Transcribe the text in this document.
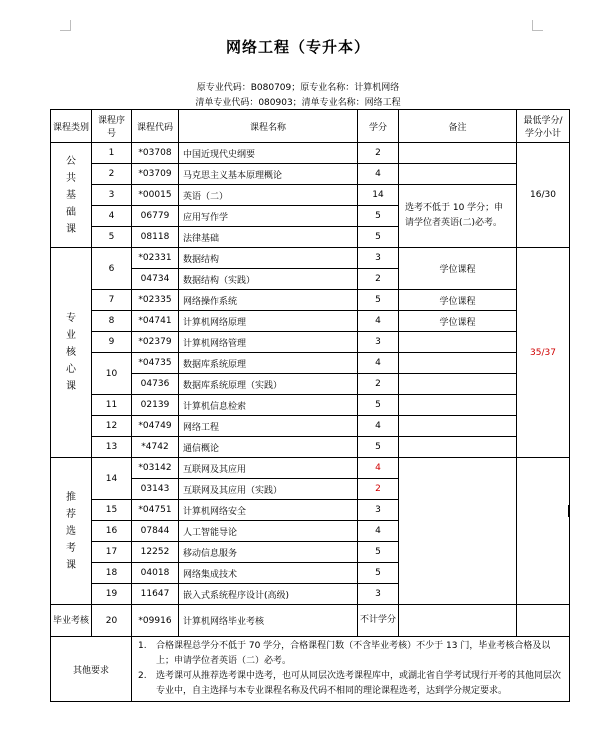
网络工程（专升本）
原专业代码：B080709；原专业名称：计算机网络
清单专业代码：080903；清单专业名称：网络工程
课程类别	课程序号	课程代码	课程名称	学分	备注	最低学分/学分小计

公
共
基
础
课	1	*03708	中国近现代史纲要	2		16/30
	2	*03709	马克思主义基本原理概论	4		
	3	*00015	英语（二）	14	选考不低于 10 学分；申请学位者英语(二)必考。	
	4	06779	应用写作学	5		
	5	08118	法律基础	5		

专
业
核
心
课	6	*02331	数据结构	3	学位课程	35/37
		04734	数据结构（实践）	2		
	7	*02335	网络操作系统	5	学位课程	
	8	*04741	计算机网络原理	4	学位课程	
	9	*02379	计算机网络管理	3		
	10	*04735	数据库系统原理	4		
		04736	数据库系统原理（实践）	2		
	11	02139	计算机信息检索	5		
	12	*04749	网络工程	4		
	13	*4742	通信概论	5		

推
荐
选
考
课	14	*03142	互联网及其应用	4		
		03143	互联网及其应用（实践）	2		
	15	*04751	计算机网络安全	3		
	16	07844	人工智能导论	4		
	17	12252	移动信息服务	5		
	18	04018	网络集成技术	5		
	19	11647	嵌入式系统程序设计(高级)	3		
毕业考核	20	*09916	计算机网络毕业考核	不计学分		
其他要求		1. 合格课程总学分不低于 70 学分，合格课程门数（不含毕业考核）不少于 13 门，毕业考核合格及以上；申请学位者英语（二）必考。
2. 选考课可从推荐选考课中选考，也可从同层次选考课程库中，或湖北省自学考试现行开考的其他同层次专业中，自主选择与本专业课程名称及代码不相同的理论课程选考，达到学分规定要求。				
